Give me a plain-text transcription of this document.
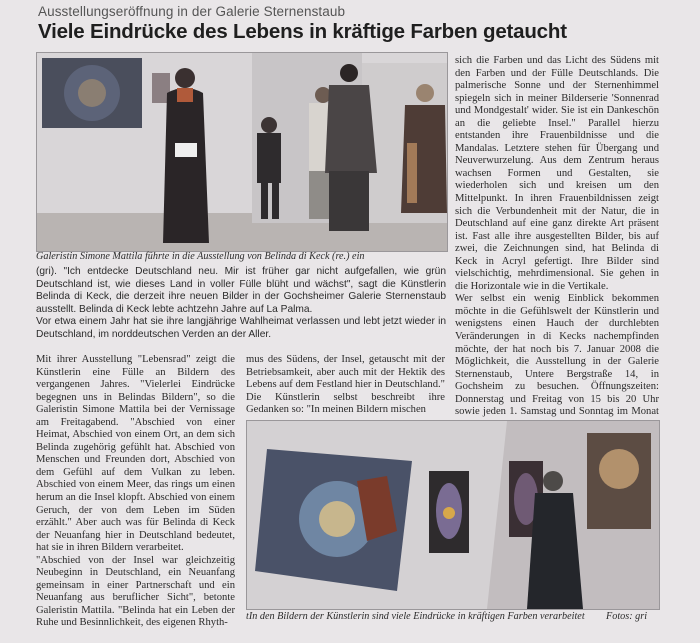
Ausstellungseröffnung in der Galerie Sternenstaub
Viele Eindrücke des Lebens in kräftige Farben getaucht
Galeristin Simone Mattila führte in die Ausstellung von Belinda di Keck (re.) ein

(gri). "Ich entdecke Deutschland neu. Mir ist früher gar nicht aufgefallen, wie grün Deutschland ist, wie dieses Land in voller Fülle blüht und wächst", sagt die Künstlerin Belinda di Keck, die derzeit ihre neuen Bilder in der Gochsheimer Galerie Sternenstaub ausstellt. Belinda di Keck lebte achtzehn Jahre auf La Palma.

Vor etwa einem Jahr hat sie ihre langjährige Wahlheimat verlassen und lebt jetzt wieder in Deutschland, im norddeutschen Verden an der Aller.

Mit ihrer Ausstellung "Lebensrad" zeigt die Künstlerin eine Fülle an Bildern des vergangenen Jahres. "Vielerlei Eindrücke begegnen uns in Belindas Bildern", so die Galeristin Simone Mattila bei der Vernissage am Freitagabend. "Abschied von einer Heimat, Abschied von einem Ort, an dem sich Belinda zugehörig gefühlt hat. Abschied von Menschen und Freunden dort, Abschied von dem Gefühl auf dem Vulkan zu leben. Abschied von einem Meer, das rings um einen herum an die Insel klopft. Abschied von einem Geruch, der von dem Leben im Süden erzählt." Aber auch was für Belinda di Keck der Neuanfang hier in Deutschland bedeutet, hat sie in ihren Bildern verarbeitet.

"Abschied von der Insel war gleichzeitig Neubeginn in Deutschland, ein Neuanfang gemeinsam in einer Partnerschaft und ein Neuanfang aus beruflicher Sicht", betonte Galeristin Mattila. "Belinda hat ein Leben der Ruhe und Besinnlichkeit, des eigenen Rhyth-

mus des Südens, der Insel, getauscht mit der Betriebsamkeit, aber auch mit der Hektik des Lebens auf dem Festland hier in Deutschland." Die Künstlerin selbst beschreibt ihre Gedanken so: "In meinen Bildern mischen

sich die Farben und das Licht des Südens mit den Farben und der Fülle Deutschlands. Die palmerische Sonne und der Sternenhimmel spiegeln sich in meiner Bilderserie 'Sonnenrad und Mondgestalt' wider. Sie ist ein Dankeschön an die geliebte Insel." Parallel hierzu entstanden ihre Frauenbildnisse und die Mandalas. Letztere stehen für Übergang und Neuverwurzelung. Aus dem Zentrum heraus wachsen Formen und Gestalten, sie wiederholen sich und kreisen um den Mittelpunkt. In ihren Frauenbildnissen zeigt sich die Verbundenheit mit der Natur, die in Deutschland auf eine ganz direkte Art präsent ist. Fast alle ihre ausgestellten Bilder, bis auf zwei, die Zeichnungen sind, hat Belinda di Keck in Acryl gefertigt. Ihre Bilder sind vielschichtig, mehrdimensional. Sie gehen in die Horizontale wie in die Vertikale.

Wer selbst ein wenig Einblick bekommen möchte in die Gefühlswelt der Künstlerin und wenigstens einen Hauch der durchlebten Veränderungen in di Kecks nachempfinden möchte, der hat noch bis 7. Januar 2008 die Möglichkeit, die Ausstellung in der Galerie Sternenstaub, Untere Bergstraße 14, in Gochsheim zu besuchen. Öffnungszeiten: Donnerstag und Freitag von 15 bis 20 Uhr sowie jeden 1. Samstag und Sonntag im Monat

tIn den Bildern der Künstlerin sind viele Eindrücke in kräftigen Farben verarbeitet	Fotos: gri
